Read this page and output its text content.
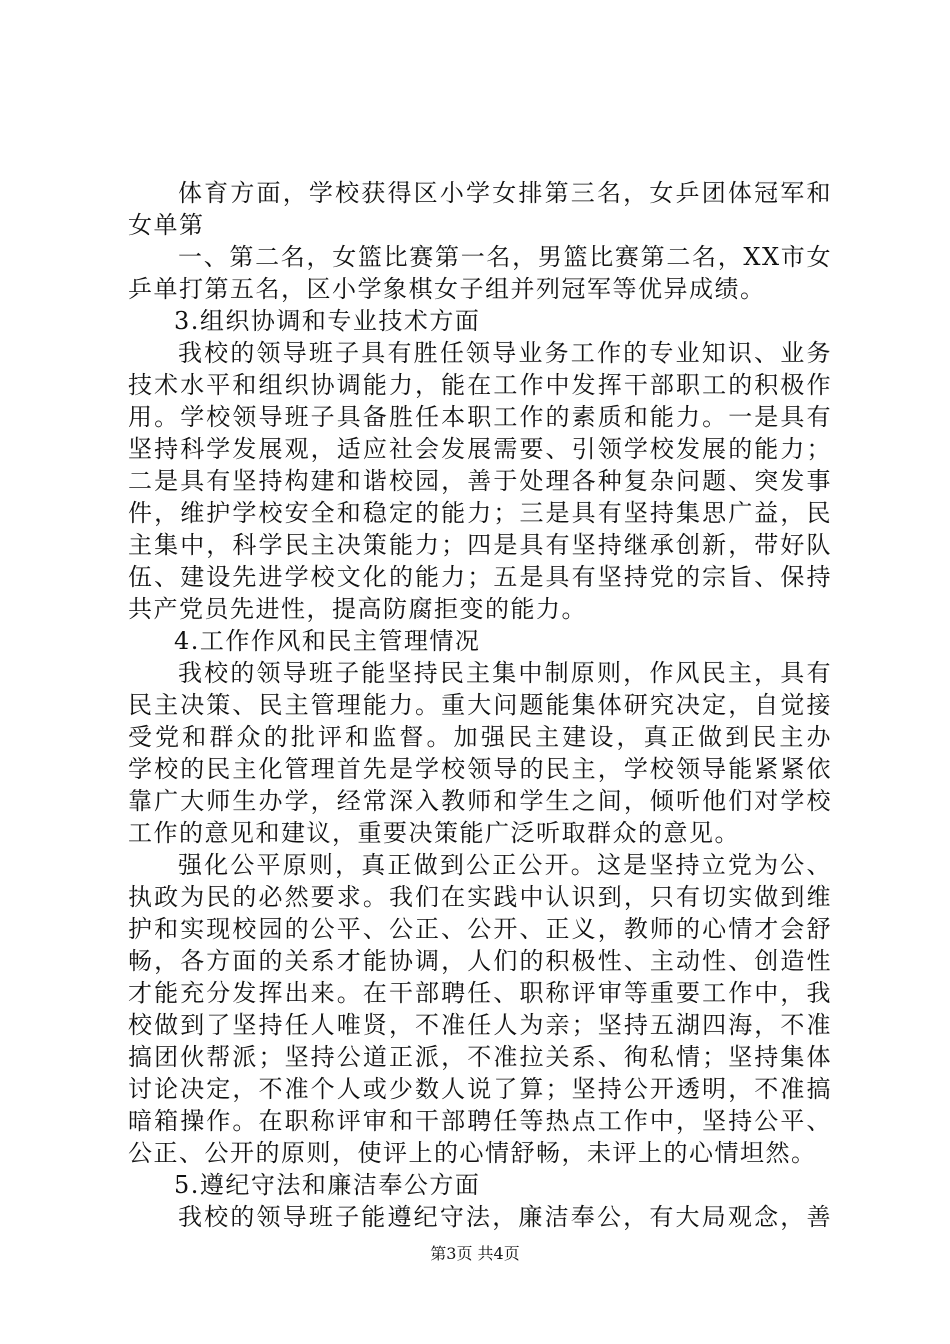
体育方面，学校获得区小学女排第三名，女乒团体冠军和
女单第
一、第二名，女篮比赛第一名，男篮比赛第二名，XX市女
乒单打第五名，区小学象棋女子组并列冠军等优异成绩。
3.组织协调和专业技术方面
我校的领导班子具有胜任领导业务工作的专业知识、业务
技术水平和组织协调能力，能在工作中发挥干部职工的积极作
用。学校领导班子具备胜任本职工作的素质和能力。一是具有
坚持科学发展观，适应社会发展需要、引领学校发展的能力；
二是具有坚持构建和谐校园，善于处理各种复杂问题、突发事
件，维护学校安全和稳定的能力；三是具有坚持集思广益，民
主集中，科学民主决策能力；四是具有坚持继承创新，带好队
伍、建设先进学校文化的能力；五是具有坚持党的宗旨、保持
共产党员先进性，提高防腐拒变的能力。
4.工作作风和民主管理情况
我校的领导班子能坚持民主集中制原则，作风民主，具有
民主决策、民主管理能力。重大问题能集体研究决定，自觉接
受党和群众的批评和监督。加强民主建设，真正做到民主办
学校的民主化管理首先是学校领导的民主，学校领导能紧紧依
靠广大师生办学，经常深入教师和学生之间，倾听他们对学校
工作的意见和建议，重要决策能广泛听取群众的意见。
强化公平原则，真正做到公正公开。这是坚持立党为公、
执政为民的必然要求。我们在实践中认识到，只有切实做到维
护和实现校园的公平、公正、公开、正义，教师的心情才会舒
畅，各方面的关系才能协调，人们的积极性、主动性、创造性
才能充分发挥出来。在干部聘任、职称评审等重要工作中，我
校做到了坚持任人唯贤，不准任人为亲；坚持五湖四海，不准
搞团伙帮派；坚持公道正派，不准拉关系、徇私情；坚持集体
讨论决定，不准个人或少数人说了算；坚持公开透明，不准搞
暗箱操作。在职称评审和干部聘任等热点工作中，坚持公平、
公正、公开的原则，使评上的心情舒畅，未评上的心情坦然。
5.遵纪守法和廉洁奉公方面
我校的领导班子能遵纪守法，廉洁奉公，有大局观念，善
第3页 共4页
